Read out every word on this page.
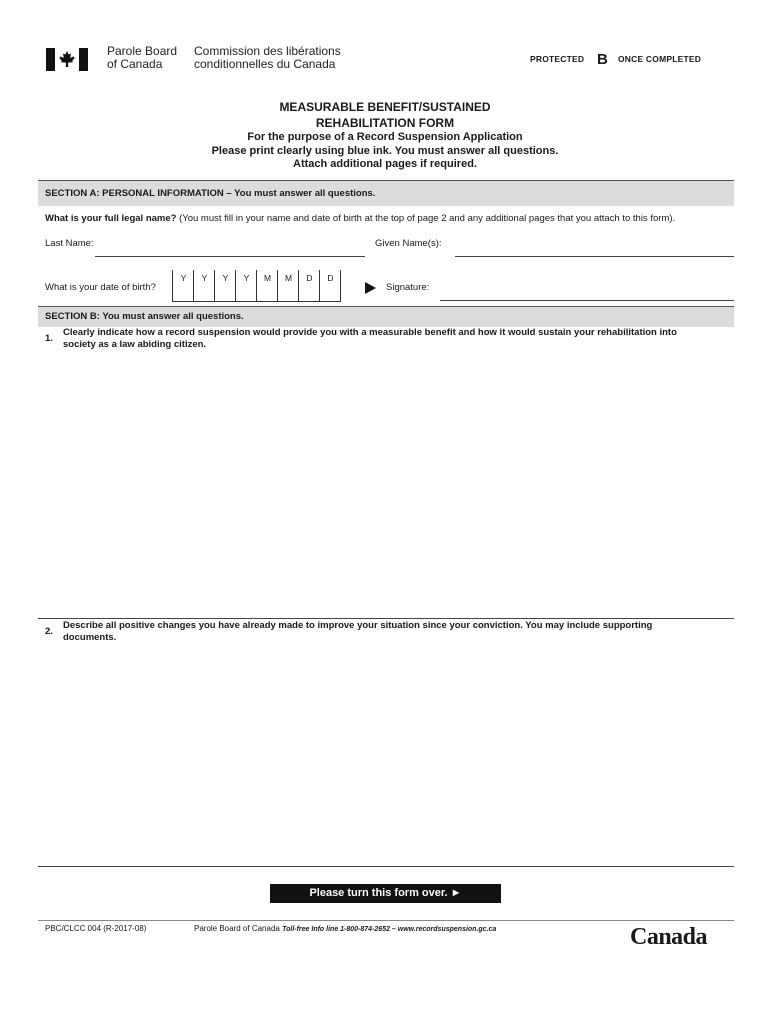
Parole Board
of Canada
Commission des libérations
conditionnelles du Canada	PROTECTED B ONCE COMPLETED
MEASURABLE BENEFIT/SUSTAINED
REHABILITATION FORM
For the purpose of a Record Suspension Application
Please print clearly using blue ink. You must answer all questions.
Attach additional pages if required.
SECTION A: PERSONAL INFORMATION – You must answer all questions.
What is your full legal name? (You must fill in your name and date of birth at the top of page 2 and any additional pages that you attach to this form).
Last Name:	Given Name(s):
What is your date of birth?
Y	Y	Y	Y	M	M	D	D
Signature:
SECTION B: You must answer all questions.
1.
Clearly indicate how a record suspension would provide you with a measurable benefit and how it would sustain your rehabilitation into
society as a law abiding citizen.
2.
Describe all positive changes you have already made to improve your situation since your conviction. You may include supporting
documents.
Please turn this form over. ►
PBC/CLCC 004 (R-2017-08)	Parole Board of Canada Toll-free Info line 1-800-874-2652 – www.recordsuspension.gc.ca	Canada
